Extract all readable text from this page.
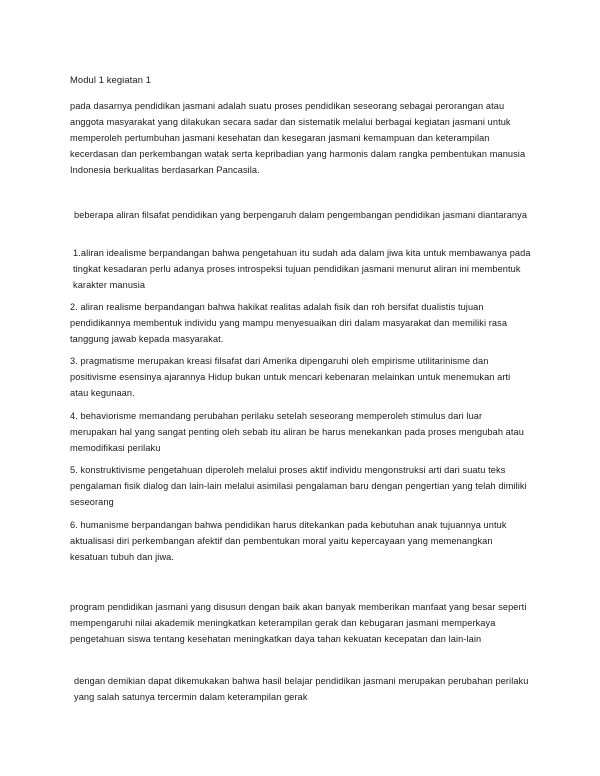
Modul 1 kegiatan 1
pada dasarnya pendidikan jasmani adalah suatu proses pendidikan seseorang sebagai perorangan atau anggota masyarakat yang dilakukan secara sadar dan sistematik melalui berbagai kegiatan jasmani untuk memperoleh pertumbuhan jasmani kesehatan dan kesegaran jasmani kemampuan dan keterampilan kecerdasan dan perkembangan watak serta kepribadian yang harmonis dalam rangka pembentukan manusia Indonesia berkualitas berdasarkan Pancasila.
beberapa aliran filsafat pendidikan yang berpengaruh dalam pengembangan pendidikan jasmani diantaranya
1.aliran idealisme berpandangan bahwa pengetahuan itu sudah ada dalam jiwa kita untuk membawanya pada tingkat kesadaran perlu adanya proses introspeksi tujuan pendidikan jasmani menurut aliran ini membentuk karakter manusia
2. aliran realisme berpandangan bahwa hakikat realitas adalah fisik dan roh bersifat dualistis tujuan pendidikannya membentuk individu yang mampu menyesuaikan diri dalam masyarakat dan memiliki rasa tanggung jawab kepada masyarakat.
3. pragmatisme merupakan kreasi filsafat dari Amerika dipengaruhi oleh empirisme utilitarinisme dan positivisme esensinya ajarannya Hidup bukan untuk mencari kebenaran melainkan untuk menemukan arti atau kegunaan.
4. behaviorisme memandang perubahan perilaku setelah seseorang memperoleh stimulus dari luar merupakan hal yang sangat penting oleh sebab itu aliran be harus menekankan pada proses mengubah atau memodifikasi perilaku
5. konstruktivisme pengetahuan diperoleh melalui proses aktif individu mengonstruksi arti dari suatu teks pengalaman fisik dialog dan lain-lain melalui asimilasi pengalaman baru dengan pengertian yang telah dimiliki seseorang
6. humanisme berpandangan bahwa pendidikan harus ditekankan pada kebutuhan anak tujuannya untuk aktualisasi diri perkembangan afektif dan pembentukan moral yaitu kepercayaan yang memenangkan kesatuan tubuh dan jiwa.
program pendidikan jasmani yang disusun dengan baik akan banyak memberikan manfaat yang besar seperti mempengaruhi nilai akademik meningkatkan keterampilan gerak dan kebugaran jasmani memperkaya pengetahuan siswa tentang kesehatan meningkatkan daya tahan kekuatan kecepatan dan lain-lain
dengan demikian dapat dikemukakan bahwa hasil belajar pendidikan jasmani merupakan perubahan perilaku yang salah satunya tercermin dalam keterampilan gerak
